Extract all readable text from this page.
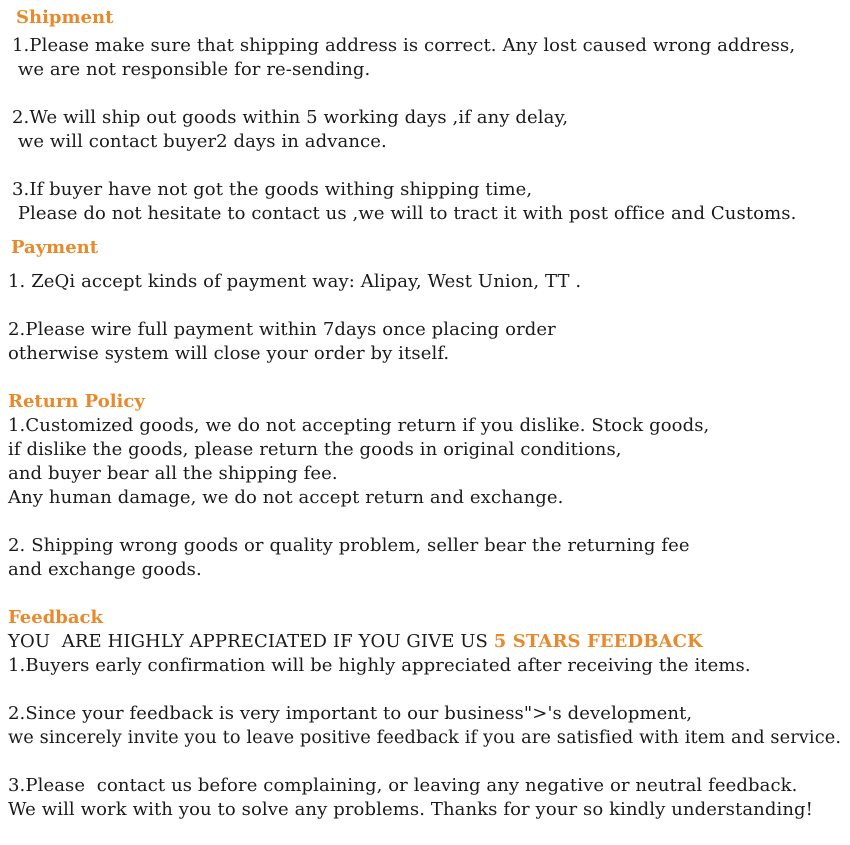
Shipment
1.Please make sure that shipping address is correct. Any lost caused wrong address,
we are not responsible for re-sending.
2.We will ship out goods within 5 working days ,if any delay,
we will contact buyer2 days in advance.
3.If buyer have not got the goods withing shipping time,
Please do not hesitate to contact us ,we will to tract it with post office and Customs.
Payment
1. ZeQi accept kinds of payment way: Alipay, West Union, TT .
2.Please wire full payment within 7days once placing order
otherwise system will close your order by itself.
Return Policy
1.Customized goods, we do not accepting return if you dislike. Stock goods,
if dislike the goods, please return the goods in original conditions,
and buyer bear all the shipping fee.
Any human damage, we do not accept return and exchange.
2. Shipping wrong goods or quality problem, seller bear the returning fee
and exchange goods.
Feedback
YOU  ARE HIGHLY APPRECIATED IF YOU GIVE US 5 STARS FEEDBACK
1.Buyers early confirmation will be highly appreciated after receiving the items.
2.Since your feedback is very important to our business">'s development,
we sincerely invite you to leave positive feedback if you are satisfied with item and service.
3.Please  contact us before complaining, or leaving any negative or neutral feedback.
We will work with you to solve any problems. Thanks for your so kindly understanding!
